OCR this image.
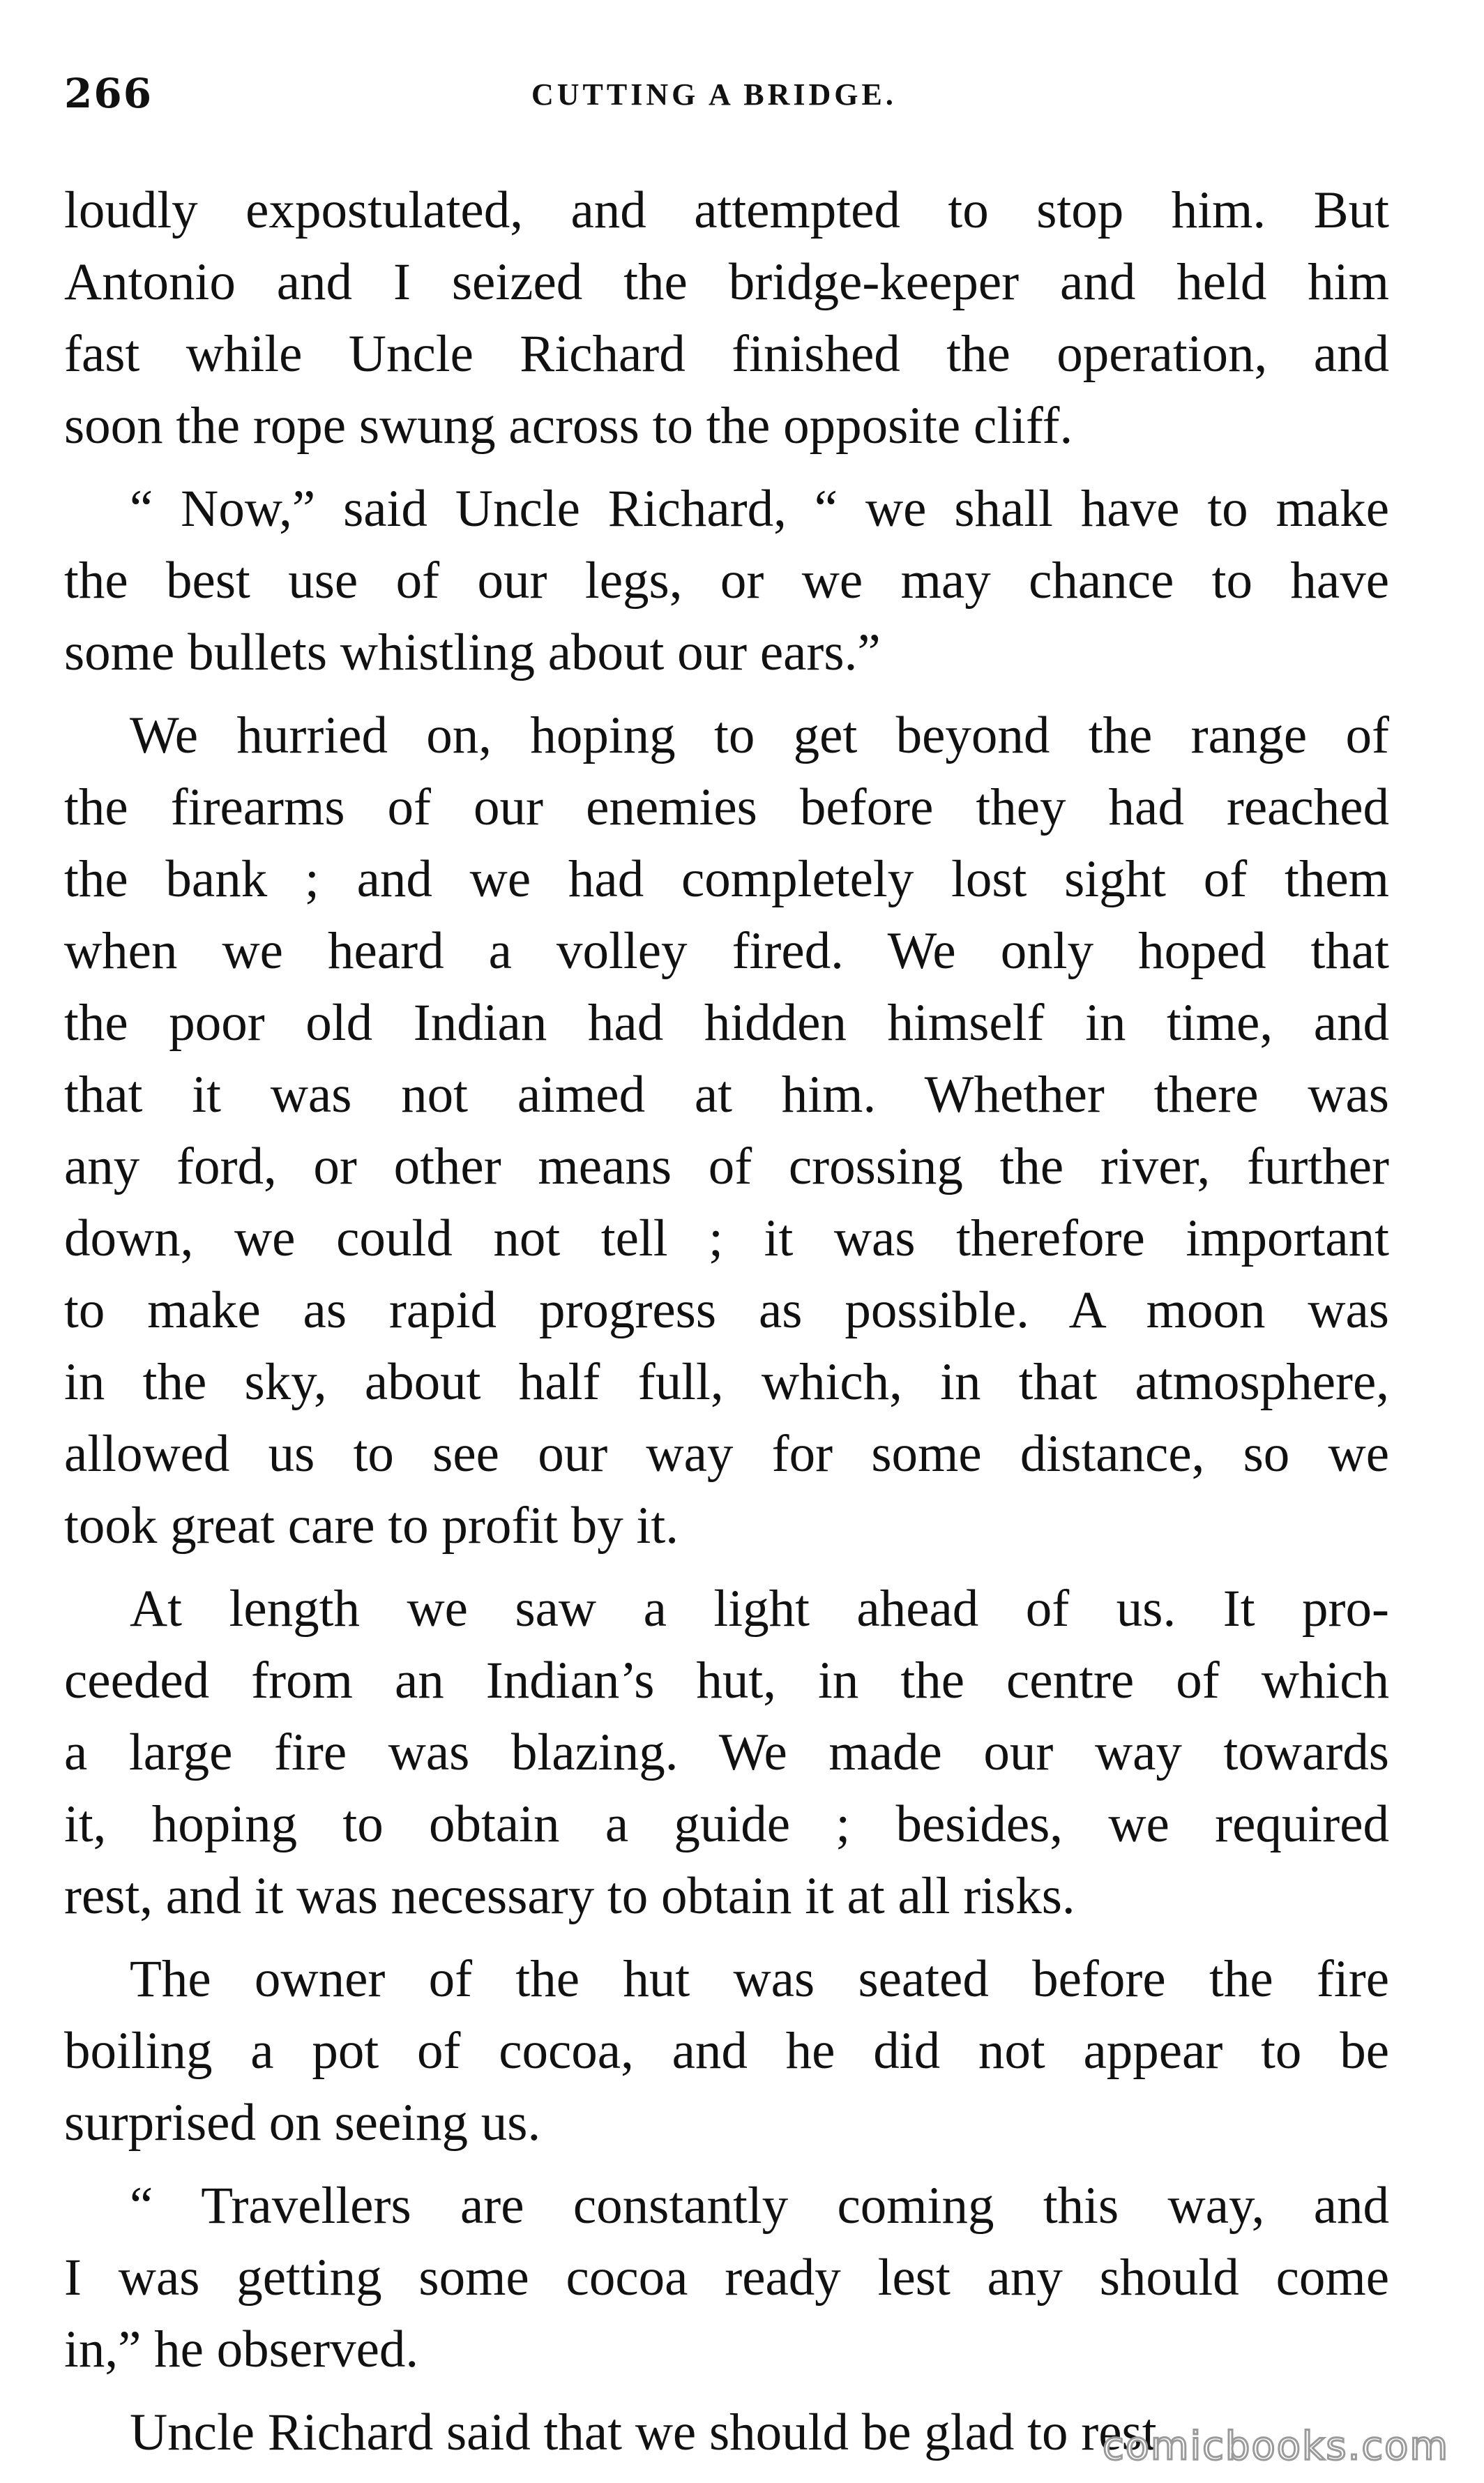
266	CUTTING A BRIDGE.
loudly expostulated, and attempted to stop him. But
Antonio and I seized the bridge-keeper and held him
fast while Uncle Richard finished the operation, and
soon the rope swung across to the opposite cliff.
“ Now,” said Uncle Richard, “ we shall have to make
the best use of our legs, or we may chance to have
some bullets whistling about our ears.”
We hurried on, hoping to get beyond the range of
the firearms of our enemies before they had reached
the bank ; and we had completely lost sight of them
when we heard a volley fired. We only hoped that
the poor old Indian had hidden himself in time, and
that it was not aimed at him. Whether there was
any ford, or other means of crossing the river, further
down, we could not tell ; it was therefore important
to make as rapid progress as possible. A moon was
in the sky, about half full, which, in that atmosphere,
allowed us to see our way for some distance, so we
took great care to profit by it.
At length we saw a light ahead of us. It pro-
ceeded from an Indian’s hut, in the centre of which
a large fire was blazing. We made our way towards
it, hoping to obtain a guide ; besides, we required
rest, and it was necessary to obtain it at all risks.
The owner of the hut was seated before the fire
boiling a pot of cocoa, and he did not appear to be
surprised on seeing us.
“ Travellers are constantly coming this way, and
I was getting some cocoa ready lest any should come
in,” he observed.
Uncle Richard said that we should be glad to rest
comicbooks.com
